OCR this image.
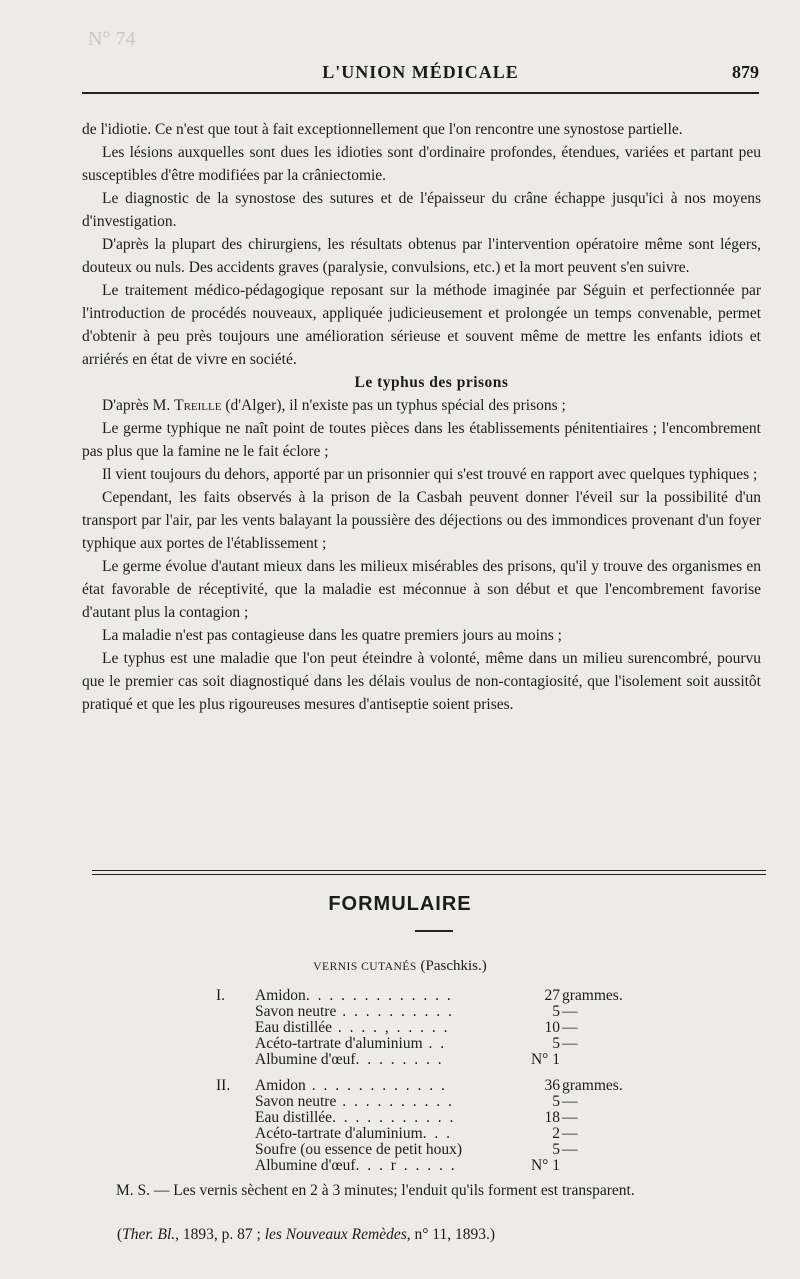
N° 74
L'UNION MÉDICALE	879

de l'idiotie. Ce n'est que tout à fait exceptionnellement que l'on rencontre une synostose partielle.

Les lésions auxquelles sont dues les idioties sont d'ordinaire profondes, étendues, variées et partant peu susceptibles d'être modifiées par la crâniectomie.

Le diagnostic de la synostose des sutures et de l'épaisseur du crâne échappe jusqu'ici à nos moyens d'investigation.

D'après la plupart des chirurgiens, les résultats obtenus par l'intervention opératoire même sont légers, douteux ou nuls. Des accidents graves (paralysie, convulsions, etc.) et la mort peuvent s'en suivre.

Le traitement médico-pédagogique reposant sur la méthode imaginée par Séguin et perfectionnée par l'introduction de procédés nouveaux, appliquée judicieusement et prolongée un temps convenable, permet d'obtenir à peu près toujours une amélioration sérieuse et souvent même de mettre les enfants idiots et arriérés en état de vivre en société.

Le typhus des prisons

D'après M. Treille (d'Alger), il n'existe pas un typhus spécial des prisons ;

Le germe typhique ne naît point de toutes pièces dans les établissements pénitentiaires ; l'encombrement pas plus que la famine ne le fait éclore ;

Il vient toujours du dehors, apporté par un prisonnier qui s'est trouvé en rapport avec quelques typhiques ;

Cependant, les faits observés à la prison de la Casbah peuvent donner l'éveil sur la possibilité d'un transport par l'air, par les vents balayant la poussière des déjections ou des immondices provenant d'un foyer typhique aux portes de l'établissement ;

Le germe évolue d'autant mieux dans les milieux misérables des prisons, qu'il y trouve des organismes en état favorable de réceptivité, que la maladie est méconnue à son début et que l'encombrement favorise d'autant plus la contagion ;

La maladie n'est pas contagieuse dans les quatre premiers jours au moins ;

Le typhus est une maladie que l'on peut éteindre à volonté, même dans un milieu surencombré, pourvu que le premier cas soit diagnostiqué dans les délais voulus de non-contagiosité, que l'isolement soit aussitôt pratiqué et que les plus rigoureuses mesures d'antiseptie soient prises.

FORMULAIRE
VERNIS CUTANÉS (Paschkis.)
I. Amidon. . . . . . . . . . . . .	27 grammes.
Savon neutre . . . . . . . . . .	5 —
Eau distillée . . . . , . . . . .	10 —
Acéto-tartrate d'aluminium . .	5 —
Albumine d'œuf. . . . . . . .	N° 1
II. Amidon . . . . . . . . . . . .	36 grammes.
Savon neutre . . . . . . . . . .	5 —
Eau distillée. . . . . . . . . . .	18 —
Acéto-tartrate d'aluminium. . .	2 —
Soufre (ou essence de petit houx)	5 —
Albumine d'œuf. . . r . . . . .	N° 1

M. S. — Les vernis sèchent en 2 à 3 minutes; l'enduit qu'ils forment est transparent.

(Ther. Bl., 1893, p. 87 ; les Nouveaux Remèdes, n° 11, 1893.)
